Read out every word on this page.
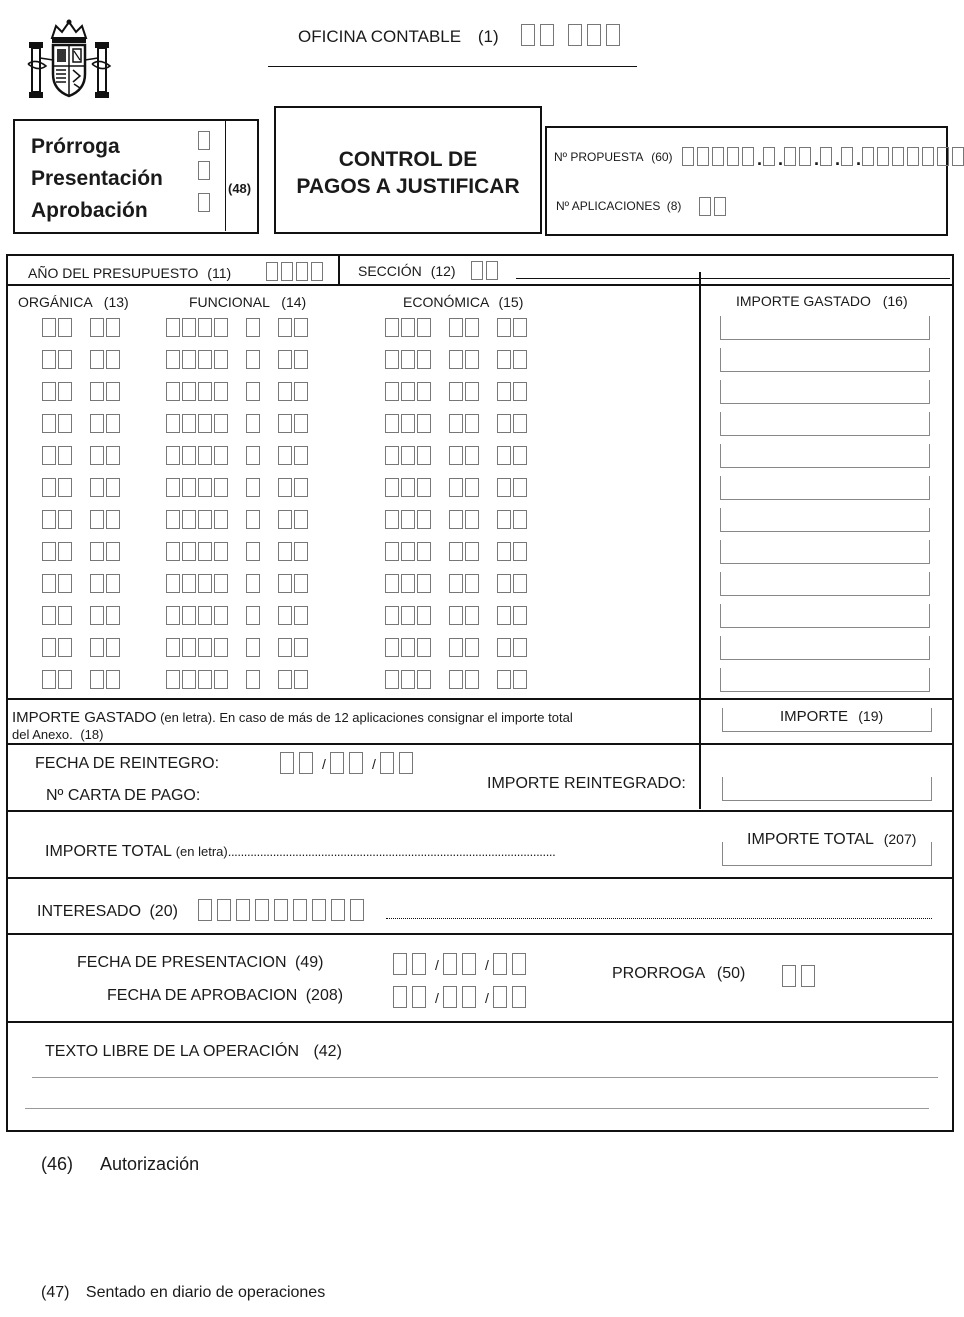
OFICINA CONTABLE (1)
Prórroga
Presentación
Aprobación
(48)
CONTROL DE
PAGOS A JUSTIFICAR
Nº PROPUESTA (60)	. . . . .
Nº APLICACIONES (8)
AÑO DEL PRESUPUESTO (11)	SECCIÓN (12)
ORGÁNICA (13)	FUNCIONAL (14)	ECONÓMICA (15)	IMPORTE GASTADO (16)
IMPORTE GASTADO (en letra). En caso de más de 12 aplicaciones consignar el importe total
del Anexo. (18)
IMPORTE (19)
FECHA DE REINTEGRO:	/	/
Nº CARTA DE PAGO:
IMPORTE REINTEGRADO:
IMPORTE TOTAL (en letra)......................................................................................................
IMPORTE TOTAL (207)
INTERESADO (20)
FECHA DE PRESENTACION (49)	/	/
FECHA DE APROBACION (208)	/	/
PRORROGA (50)
TEXTO LIBRE DE LA OPERACIÓN (42)
(46) Autorización
(47) Sentado en diario de operaciones
